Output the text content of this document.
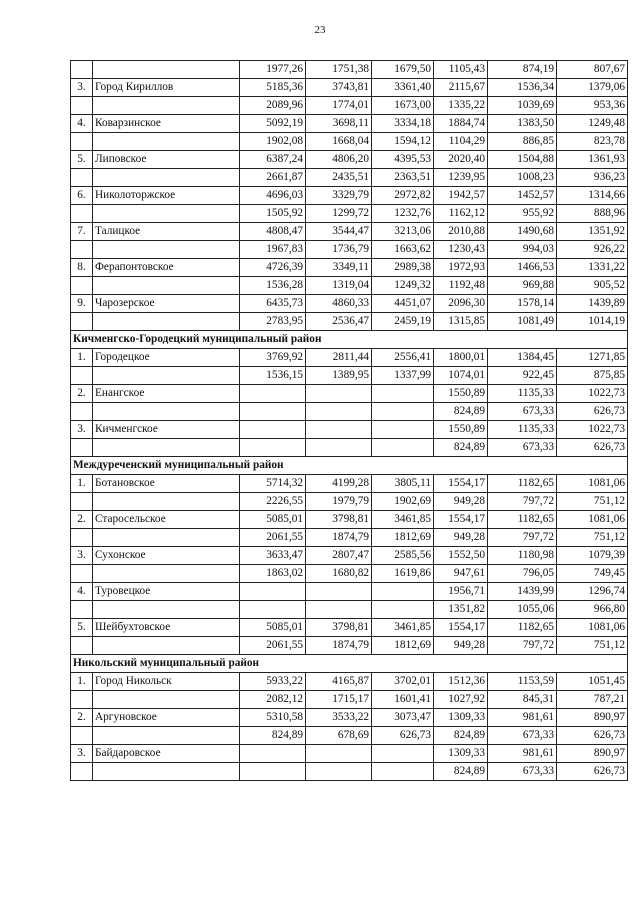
23
		1977,26	1751,38	1679,50	1105,43	874,19	807,67
3.	Город Кириллов	5185,36	3743,81	3361,40	2115,67	1536,34	1379,06
		2089,96	1774,01	1673,00	1335,22	1039,69	953,36
4.	Коварзинское	5092,19	3698,11	3334,18	1884,74	1383,50	1249,48
		1902,08	1668,04	1594,12	1104,29	886,85	823,78
5.	Липовское	6387,24	4806,20	4395,53	2020,40	1504,88	1361,93
		2661,87	2435,51	2363,51	1239,95	1008,23	936,23
6.	Николоторжское	4696,03	3329,79	2972,82	1942,57	1452,57	1314,66
		1505,92	1299,72	1232,76	1162,12	955,92	888,96
7.	Талицкое	4808,47	3544,47	3213,06	2010,88	1490,68	1351,92
		1967,83	1736,79	1663,62	1230,43	994,03	926,22
8.	Ферапонтовское	4726,39	3349,11	2989,38	1972,93	1466,53	1331,22
		1536,28	1319,04	1249,32	1192,48	969,88	905,52
9.	Чарозерское	6435,73	4860,33	4451,07	2096,30	1578,14	1439,89
		2783,95	2536,47	2459,19	1315,85	1081,49	1014,19
Кичменгско-Городецкий муниципальный район							
1.	Городецкое	3769,92	2811,44	2556,41	1800,01	1384,45	1271,85
		1536,15	1389,95	1337,99	1074,01	922,45	875,85
2.	Енангское				1550,89	1135,33	1022,73
					824,89	673,33	626,73
3.	Кичменгское				1550,89	1135,33	1022,73
					824,89	673,33	626,73
Междуреченский муниципальный район							
1.	Ботановское	5714,32	4199,28	3805,11	1554,17	1182,65	1081,06
		2226,55	1979,79	1902,69	949,28	797,72	751,12
2.	Старосельское	5085,01	3798,81	3461,85	1554,17	1182,65	1081,06
		2061,55	1874,79	1812,69	949,28	797,72	751,12
3.	Сухонское	3633,47	2807,47	2585,56	1552,50	1180,98	1079,39
		1863,02	1680,82	1619,86	947,61	796,05	749,45
4.	Туровецкое				1956,71	1439,99	1296,74
					1351,82	1055,06	966,80
5.	Шейбухтовское	5085,01	3798,81	3461,85	1554,17	1182,65	1081,06
		2061,55	1874,79	1812,69	949,28	797,72	751,12
Никольский муниципальный район							
1.	Город Никольск	5933,22	4165,87	3702,01	1512,36	1153,59	1051,45
		2082,12	1715,17	1601,41	1027,92	845,31	787,21
2.	Аргуновское	5310,58	3533,22	3073,47	1309,33	981,61	890,97
		824,89	678,69	626,73	824,89	673,33	626,73
3.	Байдаровское				1309,33	981,61	890,97
					824,89	673,33	626,73
